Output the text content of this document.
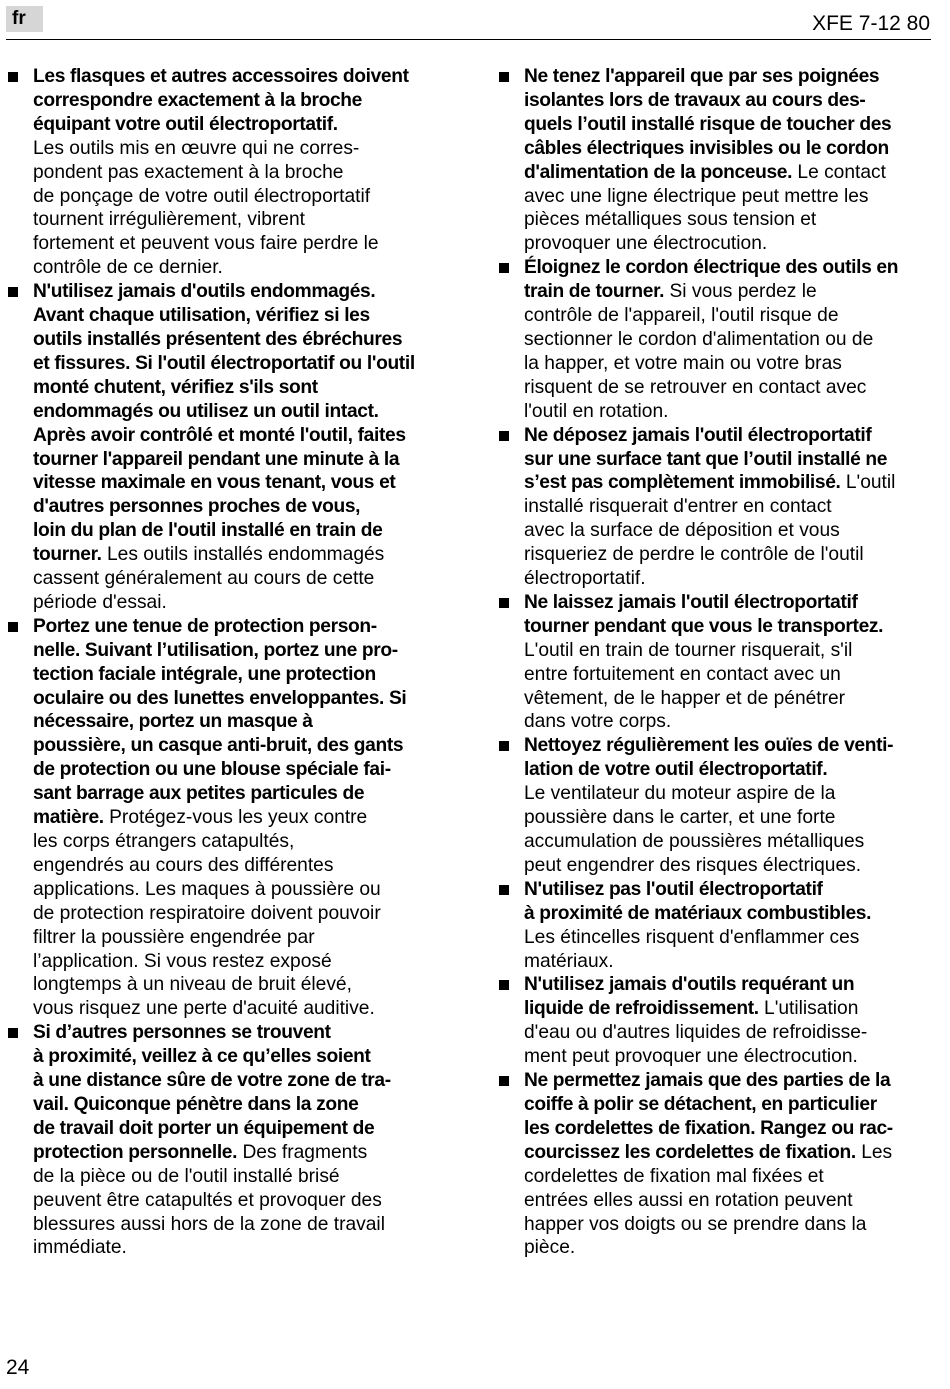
fr	XFE 7-12 80
Les flasques et autres accessoires doivent
correspondre exactement à la broche
équipant votre outil électroportatif.
Les outils mis en œuvre qui ne corres-
pondent pas exactement à la broche
de ponçage de votre outil électroportatif
tournent irrégulièrement, vibrent
fortement et peuvent vous faire perdre le
contrôle de ce dernier.
N'utilisez jamais d'outils endommagés.
Avant chaque utilisation, vérifiez si les
outils installés présentent des ébréchures
et fissures. Si l'outil électroportatif ou l'outil
monté chutent, vérifiez s'ils sont
endommagés ou utilisez un outil intact.
Après avoir contrôlé et monté l'outil, faites
tourner l'appareil pendant une minute à la
vitesse maximale en vous tenant, vous et
d'autres personnes proches de vous,
loin du plan de l'outil installé en train de
tourner. Les outils installés endommagés
cassent généralement au cours de cette
période d'essai.
Portez une tenue de protection person-
nelle. Suivant l’utilisation, portez une pro-
tection faciale intégrale, une protection
oculaire ou des lunettes enveloppantes. Si
nécessaire, portez un masque à
poussière, un casque anti-bruit, des gants
de protection ou une blouse spéciale fai-
sant barrage aux petites particules de
matière. Protégez-vous les yeux contre
les corps étrangers catapultés,
engendrés au cours des différentes
applications. Les maques à poussière ou
de protection respiratoire doivent pouvoir
filtrer la poussière engendrée par
l’application. Si vous restez exposé
longtemps à un niveau de bruit élevé,
vous risquez une perte d'acuité auditive.
Si d’autres personnes se trouvent
à proximité, veillez à ce qu’elles soient
à une distance sûre de votre zone de tra-
vail. Quiconque pénètre dans la zone
de travail doit porter un équipement de
protection personnelle. Des fragments
de la pièce ou de l'outil installé brisé
peuvent être catapultés et provoquer des
blessures aussi hors de la zone de travail
immédiate.
Ne tenez l'appareil que par ses poignées
isolantes lors de travaux au cours des-
quels l’outil installé risque de toucher des
câbles électriques invisibles ou le cordon
d'alimentation de la ponceuse. Le contact
avec une ligne électrique peut mettre les
pièces métalliques sous tension et
provoquer une électrocution.
Éloignez le cordon électrique des outils en
train de tourner. Si vous perdez le
contrôle de l'appareil, l'outil risque de
sectionner le cordon d'alimentation ou de
la happer, et votre main ou votre bras
risquent de se retrouver en contact avec
l'outil en rotation.
Ne déposez jamais l'outil électroportatif
sur une surface tant que l’outil installé ne
s’est pas complètement immobilisé. L'outil
installé risquerait d'entrer en contact
avec la surface de déposition et vous
risqueriez de perdre le contrôle de l'outil
électroportatif.
Ne laissez jamais l'outil électroportatif
tourner pendant que vous le transportez.
L'outil en train de tourner risquerait, s'il
entre fortuitement en contact avec un
vêtement, de le happer et de pénétrer
dans votre corps.
Nettoyez régulièrement les ouïes de venti-
lation de votre outil électroportatif.
Le ventilateur du moteur aspire de la
poussière dans le carter, et une forte
accumulation de poussières métalliques
peut engendrer des risques électriques.
N'utilisez pas l'outil électroportatif
à proximité de matériaux combustibles.
Les étincelles risquent d'enflammer ces
matériaux.
N'utilisez jamais d'outils requérant un
liquide de refroidissement. L'utilisation
d'eau ou d'autres liquides de refroidisse-
ment peut provoquer une électrocution.
Ne permettez jamais que des parties de la
coiffe à polir se détachent, en particulier
les cordelettes de fixation. Rangez ou rac-
courcissez les cordelettes de fixation. Les
cordelettes de fixation mal fixées et
entrées elles aussi en rotation peuvent
happer vos doigts ou se prendre dans la
pièce.
24
